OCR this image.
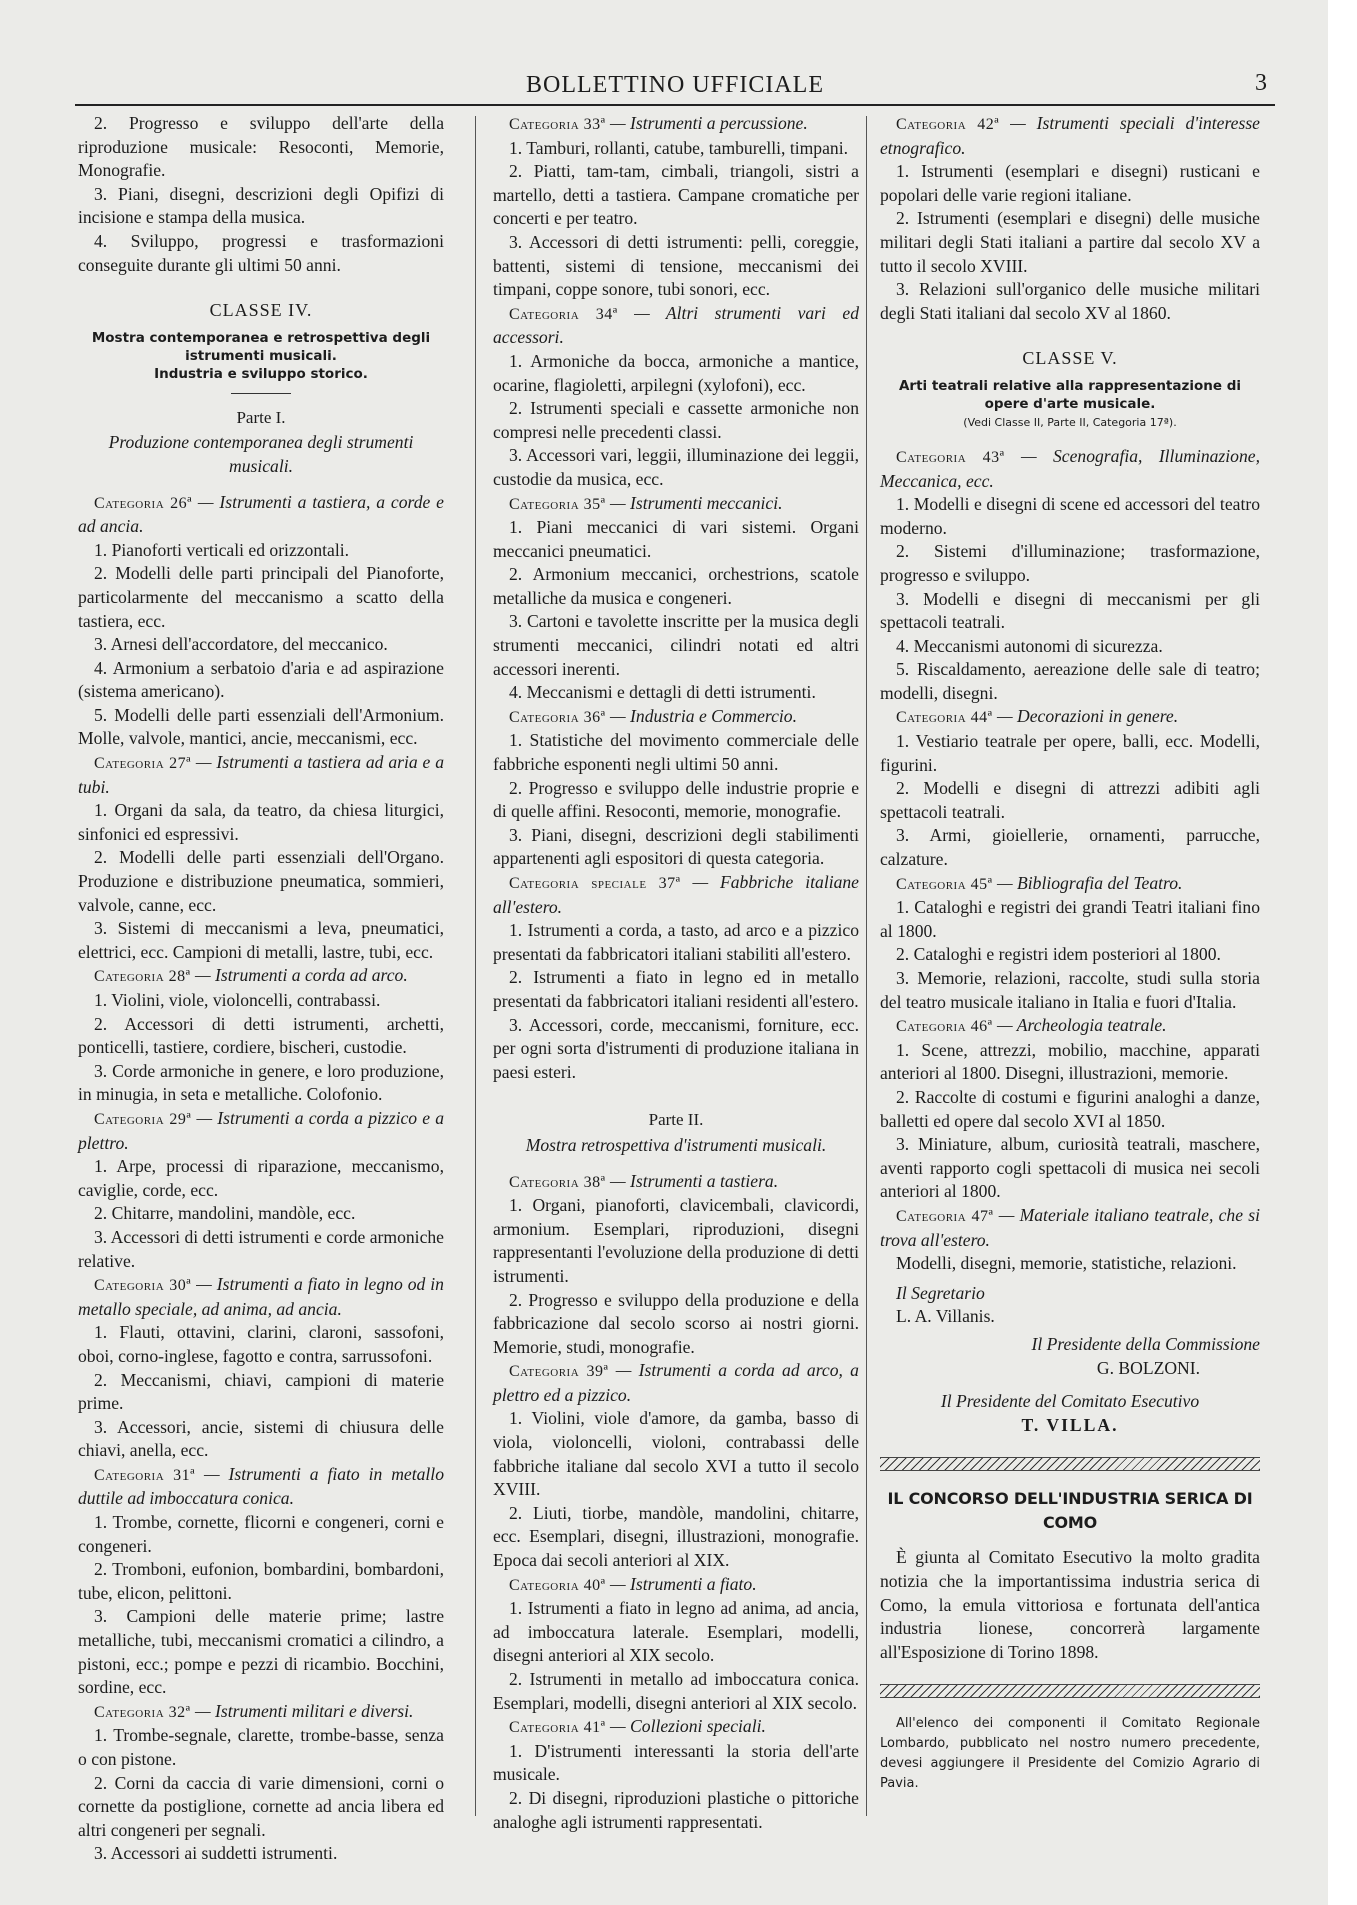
BOLLETTINO UFFICIALE	3

2. Progresso e sviluppo dell'arte della riproduzione musicale: Resoconti, Memorie, Monografie.

3. Piani, disegni, descrizioni degli Opifizi di incisione e stampa della musica.

4. Sviluppo, progressi e trasformazioni conseguite durante gli ultimi 50 anni.

CLASSE IV.

Mostra contemporanea e retrospettiva degli istrumenti musicali.

Industria e sviluppo storico.

Parte I.
Produzione contemporanea degli strumenti musicali.

Categoria 26ª — Istrumenti a tastiera, a corde e ad ancia.

1. Pianoforti verticali ed orizzontali.

2. Modelli delle parti principali del Pianoforte, particolarmente del meccanismo a scatto della tastiera, ecc.

3. Arnesi dell'accordatore, del meccanico.

4. Armonium a serbatoio d'aria e ad aspirazione (sistema americano).

5. Modelli delle parti essenziali dell'Armonium. Molle, valvole, mantici, ancie, meccanismi, ecc.

Categoria 27ª — Istrumenti a tastiera ad aria e a tubi.

1. Organi da sala, da teatro, da chiesa liturgici, sinfonici ed espressivi.

2. Modelli delle parti essenziali dell'Organo. Produzione e distribuzione pneumatica, sommieri, valvole, canne, ecc.

3. Sistemi di meccanismi a leva, pneumatici, elettrici, ecc. Campioni di metalli, lastre, tubi, ecc.

Categoria 28ª — Istrumenti a corda ad arco.

1. Violini, viole, violoncelli, contrabassi.

2. Accessori di detti istrumenti, archetti, ponticelli, tastiere, cordiere, bischeri, custodie.

3. Corde armoniche in genere, e loro produzione, in minugia, in seta e metalliche. Colofonio.

Categoria 29ª — Istrumenti a corda a pizzico e a plettro.

1. Arpe, processi di riparazione, meccanismo, caviglie, corde, ecc.

2. Chitarre, mandolini, mandòle, ecc.

3. Accessori di detti istrumenti e corde armoniche relative.

Categoria 30ª — Istrumenti a fiato in legno od in metallo speciale, ad anima, ad ancia.

1. Flauti, ottavini, clarini, claroni, sassofoni, oboi, corno-inglese, fagotto e contra, sarrussofoni.

2. Meccanismi, chiavi, campioni di materie prime.

3. Accessori, ancie, sistemi di chiusura delle chiavi, anella, ecc.

Categoria 31ª — Istrumenti a fiato in metallo duttile ad imboccatura conica.

1. Trombe, cornette, flicorni e congeneri, corni e congeneri.

2. Tromboni, eufonion, bombardini, bombardoni, tube, elicon, pelittoni.

3. Campioni delle materie prime; lastre metalliche, tubi, meccanismi cromatici a cilindro, a pistoni, ecc.; pompe e pezzi di ricambio. Bocchini, sordine, ecc.

Categoria 32ª — Istrumenti militari e diversi.

1. Trombe-segnale, clarette, trombe-basse, senza o con pistone.

2. Corni da caccia di varie dimensioni, corni o cornette da postiglione, cornette ad ancia libera ed altri congeneri per segnali.

3. Accessori ai suddetti istrumenti.

Categoria 33ª — Istrumenti a percussione.

1. Tamburi, rollanti, catube, tamburelli, timpani.

2. Piatti, tam-tam, cimbali, triangoli, sistri a martello, detti a tastiera. Campane cromatiche per concerti e per teatro.

3. Accessori di detti istrumenti: pelli, coreggie, battenti, sistemi di tensione, meccanismi dei timpani, coppe sonore, tubi sonori, ecc.

Categoria 34ª — Altri strumenti vari ed accessori.

1. Armoniche da bocca, armoniche a mantice, ocarine, flagioletti, arpilegni (xylofoni), ecc.

2. Istrumenti speciali e cassette armoniche non compresi nelle precedenti classi.

3. Accessori vari, leggii, illuminazione dei leggii, custodie da musica, ecc.

Categoria 35ª — Istrumenti meccanici.

1. Piani meccanici di vari sistemi. Organi meccanici pneumatici.

2. Armonium meccanici, orchestrions, scatole metalliche da musica e congeneri.

3. Cartoni e tavolette inscritte per la musica degli strumenti meccanici, cilindri notati ed altri accessori inerenti.

4. Meccanismi e dettagli di detti istrumenti.

Categoria 36ª — Industria e Commercio.

1. Statistiche del movimento commerciale delle fabbriche esponenti negli ultimi 50 anni.

2. Progresso e sviluppo delle industrie proprie e di quelle affini. Resoconti, memorie, monografie.

3. Piani, disegni, descrizioni degli stabilimenti appartenenti agli espositori di questa categoria.

Categoria speciale 37ª — Fabbriche italiane all'estero.

1. Istrumenti a corda, a tasto, ad arco e a pizzico presentati da fabbricatori italiani stabiliti all'estero.

2. Istrumenti a fiato in legno ed in metallo presentati da fabbricatori italiani residenti all'estero.

3. Accessori, corde, meccanismi, forniture, ecc. per ogni sorta d'istrumenti di produzione italiana in paesi esteri.

Parte II.
Mostra retrospettiva d'istrumenti musicali.

Categoria 38ª — Istrumenti a tastiera.

1. Organi, pianoforti, clavicembali, clavicordi, armonium. Esemplari, riproduzioni, disegni rappresentanti l'evoluzione della produzione di detti istrumenti.

2. Progresso e sviluppo della produzione e della fabbricazione dal secolo scorso ai nostri giorni. Memorie, studi, monografie.

Categoria 39ª — Istrumenti a corda ad arco, a plettro ed a pizzico.

1. Violini, viole d'amore, da gamba, basso di viola, violoncelli, violoni, contrabassi delle fabbriche italiane dal secolo XVI a tutto il secolo XVIII.

2. Liuti, tiorbe, mandòle, mandolini, chitarre, ecc. Esemplari, disegni, illustrazioni, monografie. Epoca dai secoli anteriori al XIX.

Categoria 40ª — Istrumenti a fiato.

1. Istrumenti a fiato in legno ad anima, ad ancia, ad imboccatura laterale. Esemplari, modelli, disegni anteriori al XIX secolo.

2. Istrumenti in metallo ad imboccatura conica. Esemplari, modelli, disegni anteriori al XIX secolo.

Categoria 41ª — Collezioni speciali.

1. D'istrumenti interessanti la storia dell'arte musicale.

2. Di disegni, riproduzioni plastiche o pittoriche analoghe agli istrumenti rappresentati.

Categoria 42ª — Istrumenti speciali d'interesse etnografico.

1. Istrumenti (esemplari e disegni) rusticani e popolari delle varie regioni italiane.

2. Istrumenti (esemplari e disegni) delle musiche militari degli Stati italiani a partire dal secolo XV a tutto il secolo XVIII.

3. Relazioni sull'organico delle musiche militari degli Stati italiani dal secolo XV al 1860.

CLASSE V.

Arti teatrali relative alla rappresentazione di opere d'arte musicale.

(Vedi Classe II, Parte II, Categoria 17ª).

Categoria 43ª — Scenografia, Illuminazione, Meccanica, ecc.

1. Modelli e disegni di scene ed accessori del teatro moderno.

2. Sistemi d'illuminazione; trasformazione, progresso e sviluppo.

3. Modelli e disegni di meccanismi per gli spettacoli teatrali.

4. Meccanismi autonomi di sicurezza.

5. Riscaldamento, aereazione delle sale di teatro; modelli, disegni.

Categoria 44ª — Decorazioni in genere.

1. Vestiario teatrale per opere, balli, ecc. Modelli, figurini.

2. Modelli e disegni di attrezzi adibiti agli spettacoli teatrali.

3. Armi, gioiellerie, ornamenti, parrucche, calzature.

Categoria 45ª — Bibliografia del Teatro.

1. Cataloghi e registri dei grandi Teatri italiani fino al 1800.

2. Cataloghi e registri idem posteriori al 1800.

3. Memorie, relazioni, raccolte, studi sulla storia del teatro musicale italiano in Italia e fuori d'Italia.

Categoria 46ª — Archeologia teatrale.

1. Scene, attrezzi, mobilio, macchine, apparati anteriori al 1800. Disegni, illustrazioni, memorie.

2. Raccolte di costumi e figurini analoghi a danze, balletti ed opere dal secolo XVI al 1850.

3. Miniature, album, curiosità teatrali, maschere, aventi rapporto cogli spettacoli di musica nei secoli anteriori al 1800.

Categoria 47ª — Materiale italiano teatrale, che si trova all'estero.

Modelli, disegni, memorie, statistiche, relazioni.

Il Segretario

L. A. Villanis.

Il Presidente della Commissione

G. BOLZONI.

Il Presidente del Comitato Esecutivo

T. VILLA.

IL CONCORSO DELL'INDUSTRIA SERICA DI COMO

È giunta al Comitato Esecutivo la molto gradita notizia che la importantissima industria serica di Como, la emula vittoriosa e fortunata dell'antica industria lionese, concorrerà largamente all'Esposizione di Torino 1898.

All'elenco dei componenti il Comitato Regionale Lombardo, pubblicato nel nostro numero precedente, devesi aggiungere il Presidente del Comizio Agrario di Pavia.
